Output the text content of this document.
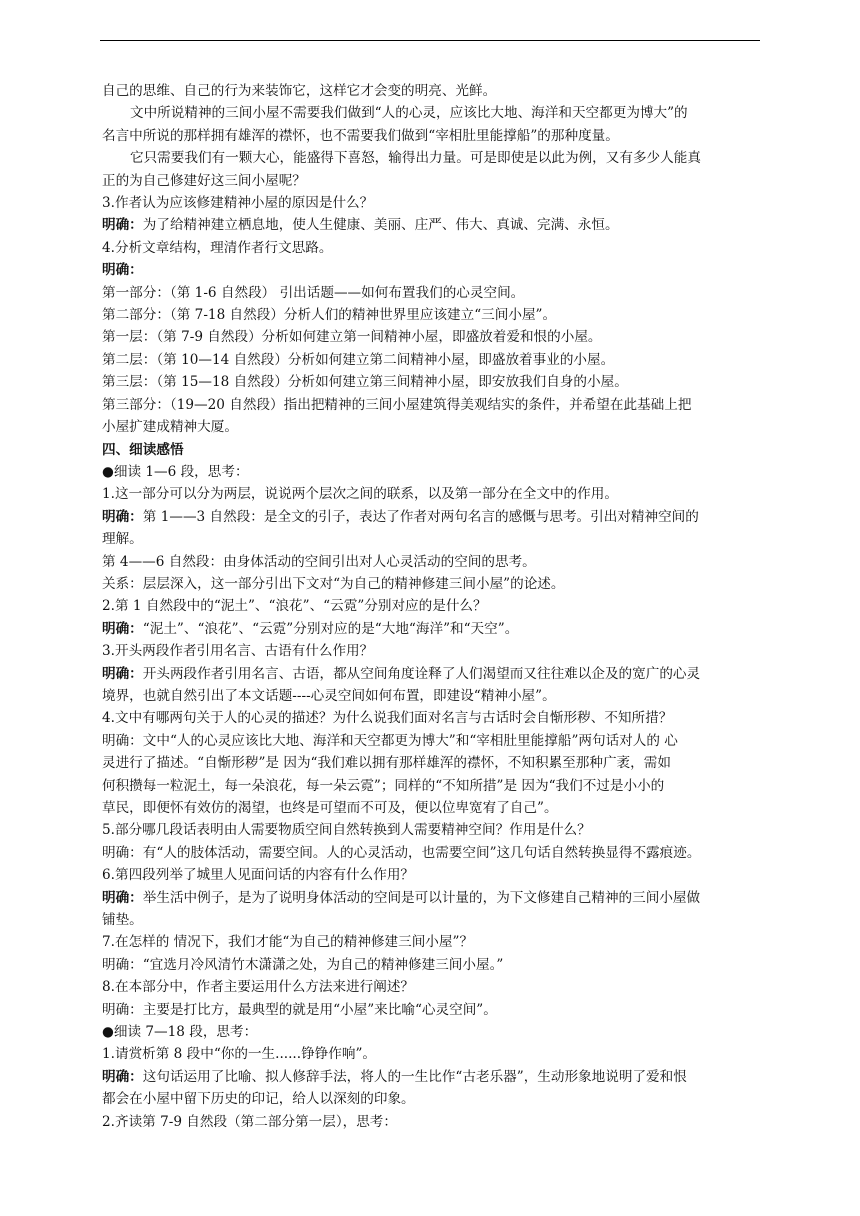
自己的思维、自己的行为来装饰它，这样它才会变的明亮、光鲜。
文中所说精神的三间小屋不需要我们做到“人的心灵，应该比大地、海洋和天空都更为博大”的
名言中所说的那样拥有雄浑的襟怀，也不需要我们做到“宰相肚里能撑船”的那种度量。
它只需要我们有一颗大心，能盛得下喜怒，输得出力量。可是即使是以此为例，又有多少人能真
正的为自己修建好这三间小屋呢？
3.作者认为应该修建精神小屋的原因是什么？
明确：为了给精神建立栖息地，使人生健康、美丽、庄严、伟大、真诚、完满、永恒。
4.分析文章结构，理清作者行文思路。
明确：
第一部分：（第 1-6 自然段） 引出话题——如何布置我们的心灵空间。
第二部分：（第 7-18 自然段）分析人们的精神世界里应该建立“三间小屋”。
第一层：（第 7-9 自然段）分析如何建立第一间精神小屋，即盛放着爱和恨的小屋。
第二层：（第 10—14 自然段）分析如何建立第二间精神小屋，即盛放着事业的小屋。
第三层：（第 15—18 自然段）分析如何建立第三间精神小屋，即安放我们自身的小屋。
第三部分：（19—20 自然段）指出把精神的三间小屋建筑得美观结实的条件，并希望在此基础上把
小屋扩建成精神大厦。
四、细读感悟
●细读 1—6 段，思考：
1.这一部分可以分为两层，说说两个层次之间的联系，以及第一部分在全文中的作用。
明确：第 1——3 自然段：是全文的引子，表达了作者对两句名言的感慨与思考。引出对精神空间的
理解。
第 4——6 自然段：由身体活动的空间引出对人心灵活动的空间的思考。
关系：层层深入，这一部分引出下文对“为自己的精神修建三间小屋”的论述。
2.第 1 自然段中的“泥土”、“浪花”、“云霓”分别对应的是什么？
明确：“泥土”、“浪花”、“云霓”分别对应的是“大地“海洋”和“天空”。
3.开头两段作者引用名言、古语有什么作用？
明确：开头两段作者引用名言、古语，都从空间角度诠释了人们渴望而又往往难以企及的宽广的心灵
境界，也就自然引出了本文话题----心灵空间如何布置，即建设“精神小屋”。
4.文中有哪两句关于人的心灵的描述？为什么说我们面对名言与古话时会自惭形秽、不知所措？
明确：文中“人的心灵应该比大地、海洋和天空都更为博大”和“宰相肚里能撑船”两句话对人的 心
灵进行了描述。“自惭形秽”是 因为“我们难以拥有那样雄浑的襟怀，不知积累至那种广袤，需如
何积攒每一粒泥土，每一朵浪花，每一朵云霓”；同样的“不知所措”是 因为“我们不过是小小的
草民，即便怀有效仿的渴望，也终是可望而不可及，便以位卑宽宥了自己”。
5.部分哪几段话表明由人需要物质空间自然转换到人需要精神空间？作用是什么？
明确：有“人的肢体活动，需要空间。人的心灵活动，也需要空间”这几句话自然转换显得不露痕迹。
6.第四段列举了城里人见面问话的内容有什么作用？
明确：举生活中例子，是为了说明身体活动的空间是可以计量的，为下文修建自己精神的三间小屋做
铺垫。
7.在怎样的 情况下，我们才能“为自己的精神修建三间小屋”？
明确：“宜选月冷风清竹木潇潇之处，为自己的精神修建三间小屋。”
8.在本部分中，作者主要运用什么方法来进行阐述？
明确：主要是打比方，最典型的就是用“小屋”来比喻“心灵空间”。
●细读 7—18 段，思考：
1.请赏析第 8 段中“你的一生......铮铮作响”。
明确：这句话运用了比喻、拟人修辞手法，将人的一生比作“古老乐器”，生动形象地说明了爱和恨
都会在小屋中留下历史的印记，给人以深刻的印象。
2.齐读第 7-9 自然段（第二部分第一层），思考：
